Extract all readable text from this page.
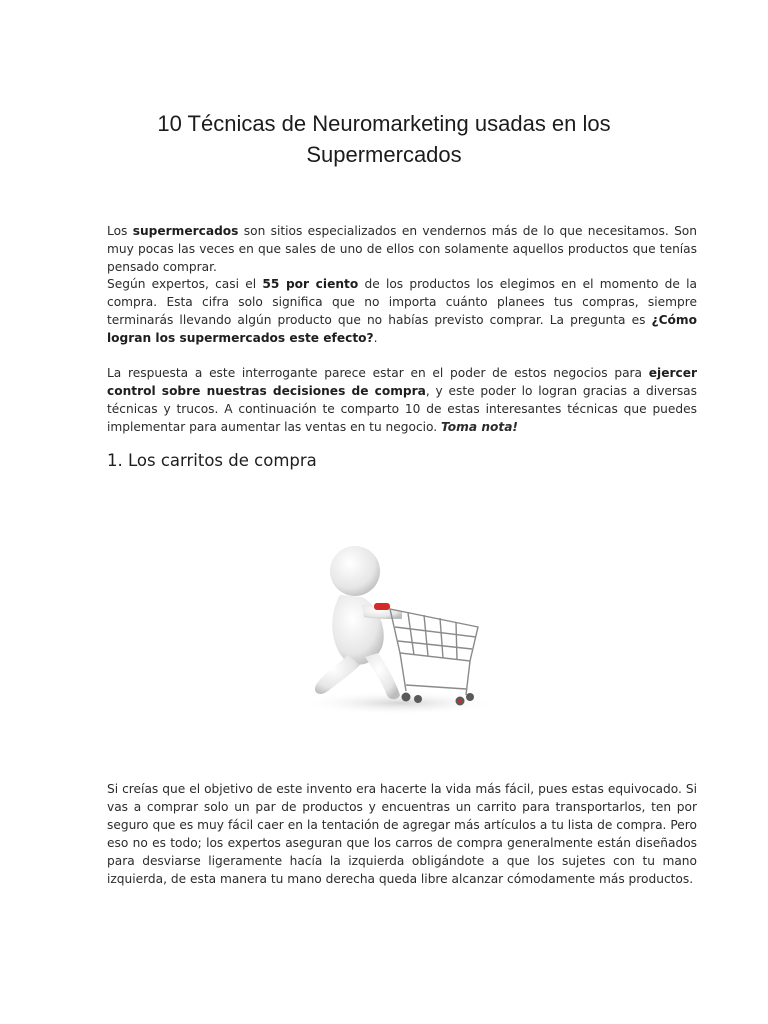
10 Técnicas de Neuromarketing usadas en los Supermercados

Los supermercados son sitios especializados en vendernos más de lo que necesitamos. Son muy pocas las veces en que sales de uno de ellos con solamente aquellos productos que tenías pensado comprar.

Según expertos, casi el 55 por ciento de los productos los elegimos en el momento de la compra. Esta cifra solo significa que no importa cuánto planees tus compras, siempre terminarás llevando algún producto que no habías previsto comprar. La pregunta es ¿Cómo logran los supermercados este efecto?.

La respuesta a este interrogante parece estar en el poder de estos negocios para ejercer control sobre nuestras decisiones de compra, y este poder lo logran gracias a diversas técnicas y trucos. A continuación te comparto 10 de estas interesantes técnicas que puedes implementar para aumentar las ventas en tu negocio. Toma nota!

1. Los carritos de compra

Si creías que el objetivo de este invento era hacerte la vida más fácil, pues estas equivocado. Si vas a comprar solo un par de productos y encuentras un carrito para transportarlos, ten por seguro que es muy fácil caer en la tentación de agregar más artículos a tu lista de compra. Pero eso no es todo; los expertos aseguran que los carros de compra generalmente están diseñados para desviarse ligeramente hacía la izquierda obligándote a que los sujetes con tu mano izquierda, de esta manera tu mano derecha queda libre alcanzar cómodamente más productos.
